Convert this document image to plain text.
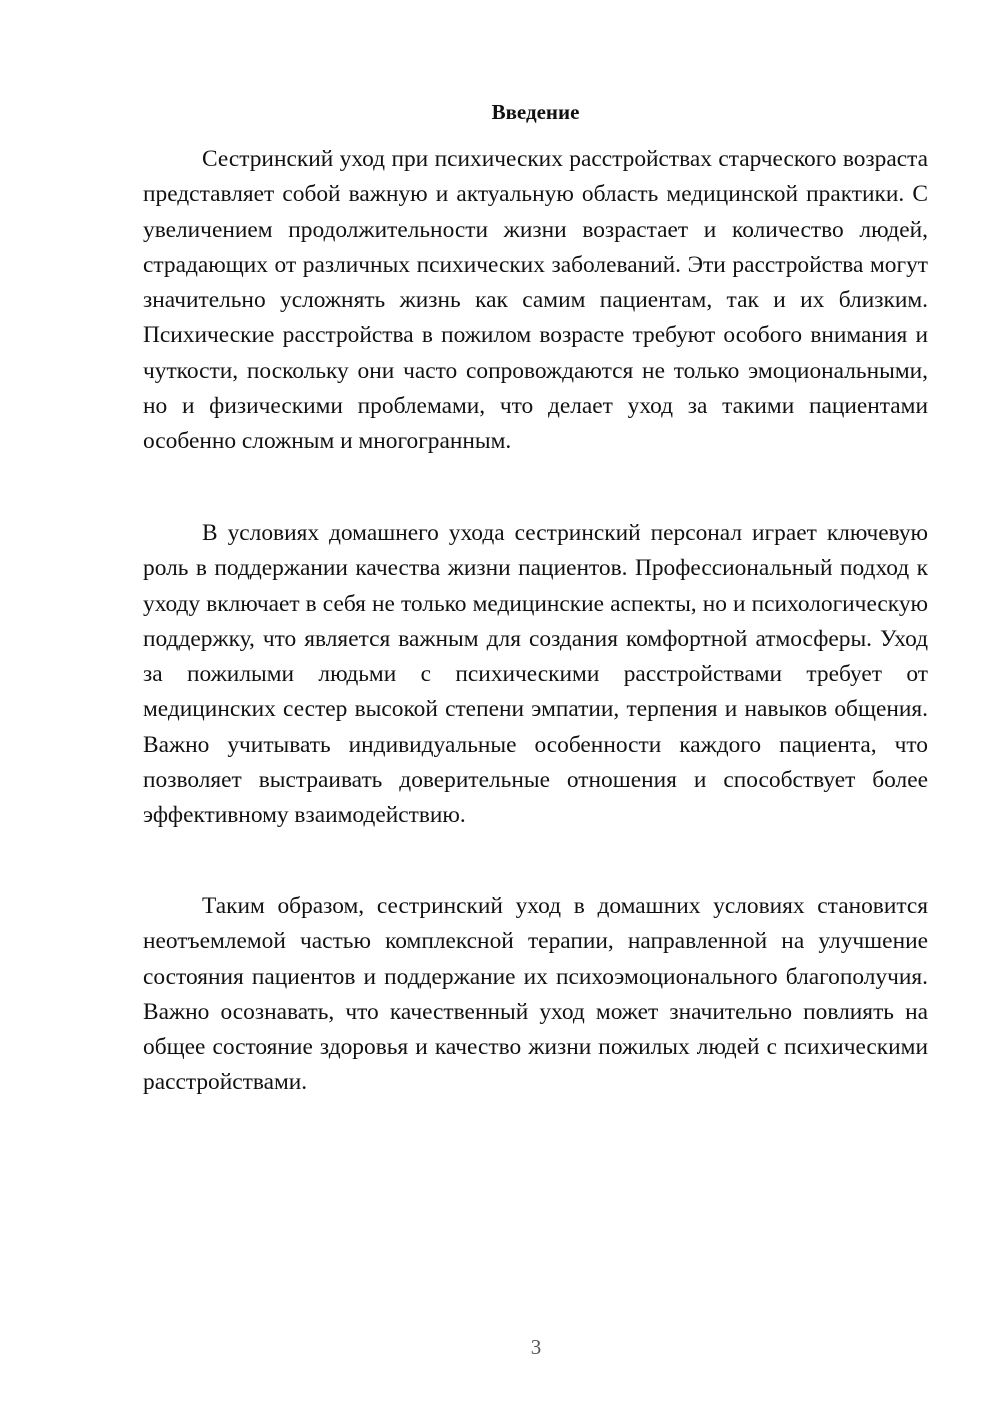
Введение

Сестринский уход при психических расстройствах старческого возраста представляет собой важную и актуальную область медицинской практики. С увеличением продолжительности жизни возрастает и количество людей, страдающих от различных психических заболеваний. Эти расстройства могут значительно усложнять жизнь как самим пациентам, так и их близким. Психические расстройства в пожилом возрасте требуют особого внимания и чуткости, поскольку они часто сопровождаются не только эмоциональными, но и физическими проблемами, что делает уход за такими пациентами особенно сложным и многогранным.

В условиях домашнего ухода сестринский персонал играет ключевую роль в поддержании качества жизни пациентов. Профессиональный подход к уходу включает в себя не только медицинские аспекты, но и психологическую поддержку, что является важным для создания комфортной атмосферы. Уход за пожилыми людьми с психическими расстройствами требует от медицинских сестер высокой степени эмпатии, терпения и навыков общения. Важно учитывать индивидуальные особенности каждого пациента, что позволяет выстраивать доверительные отношения и способствует более эффективному взаимодействию.

Таким образом, сестринский уход в домашних условиях становится неотъемлемой частью комплексной терапии, направленной на улучшение состояния пациентов и поддержание их психоэмоционального благополучия. Важно осознавать, что качественный уход может значительно повлиять на общее состояние здоровья и качество жизни пожилых людей с психическими расстройствами.

3
